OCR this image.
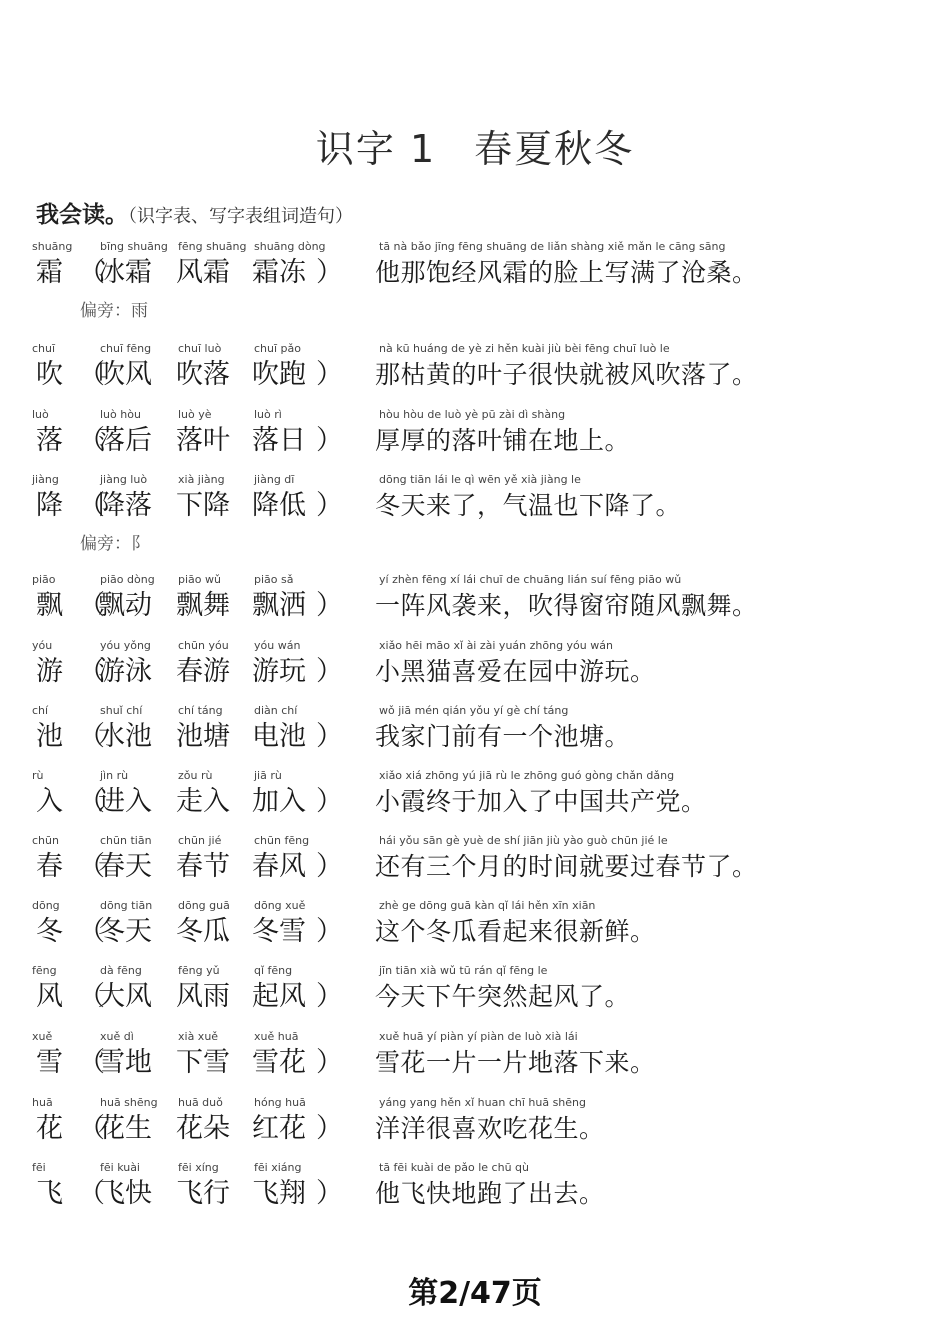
识字 1 春夏秋冬
我会读。（识字表、写字表组词造句）
shuāng
霜 （
bīng shuāng
冰霜
fēng shuāng
风霜
shuāng dòng
霜冻 ）
tā nà bǎo jīng fēng shuāng de liǎn shàng xiě mǎn le cāng sāng
他那饱经风霜的脸上写满了沧桑。
偏旁：雨
chuī
吹 （
chuī fēng
吹风
chuī luò
吹落
chuī pǎo
吹跑 ）
nà kū huáng de yè zi hěn kuài jiù bèi fēng chuī luò le
那枯黄的叶子很快就被风吹落了。
luò
落 （
luò hòu
落后
luò yè
落叶
luò rì
落日 ）
hòu hòu de luò yè pū zài dì shàng
厚厚的落叶铺在地上。
jiàng
降 （
jiàng luò
降落
xià jiàng
下降
jiàng dī
降低 ）
dōng tiān lái le qì wēn yě xià jiàng le
冬天来了，气温也下降了。
偏旁：阝
piāo
飘 （
piāo dòng
飘动
piāo wǔ
飘舞
piāo sǎ
飘洒 ）
yí zhèn fēng xí lái chuī de chuāng lián suí fēng piāo wǔ
一阵风袭来，吹得窗帘随风飘舞。
yóu
游 （
yóu yǒng
游泳
chūn yóu
春游
yóu wán
游玩 ）
xiǎo hēi māo xǐ ài zài yuán zhōng yóu wán
小黑猫喜爱在园中游玩。
chí
池 （
shuǐ chí
水池
chí táng
池塘
diàn chí
电池 ）
wǒ jiā mén qián yǒu yí gè chí táng
我家门前有一个池塘。
rù
入 （
jìn rù
进入
zǒu rù
走入
jiā rù
加入 ）
xiǎo xiá zhōng yú jiā rù le zhōng guó gòng chǎn dǎng
小霞终于加入了中国共产党。
chūn
春 （
chūn tiān
春天
chūn jié
春节
chūn fēng
春风 ）
hái yǒu sān gè yuè de shí jiān jiù yào guò chūn jié le
还有三个月的时间就要过春节了。
dōng
冬 （
dōng tiān
冬天
dōng guā
冬瓜
dōng xuě
冬雪 ）
zhè ge dōng guā kàn qǐ lái hěn xīn xiān
这个冬瓜看起来很新鲜。
fēng
风 （
dà fēng
大风
fēng yǔ
风雨
qǐ fēng
起风 ）
jīn tiān xià wǔ tū rán qǐ fēng le
今天下午突然起风了。
xuě
雪 （
xuě dì
雪地
xià xuě
下雪
xuě huā
雪花 ）
xuě huā yí piàn yí piàn de luò xià lái
雪花一片一片地落下来。
huā
花 （
huā shēng
花生
huā duǒ
花朵
hóng huā
红花 ）
yáng yang hěn xǐ huan chī huā shēng
洋洋很喜欢吃花生。
fēi
飞 （
fēi kuài
飞快
fēi xíng
飞行
fēi xiáng
飞翔 ）
tā fēi kuài de pǎo le chū qù
他飞快地跑了出去。
第2/47页
